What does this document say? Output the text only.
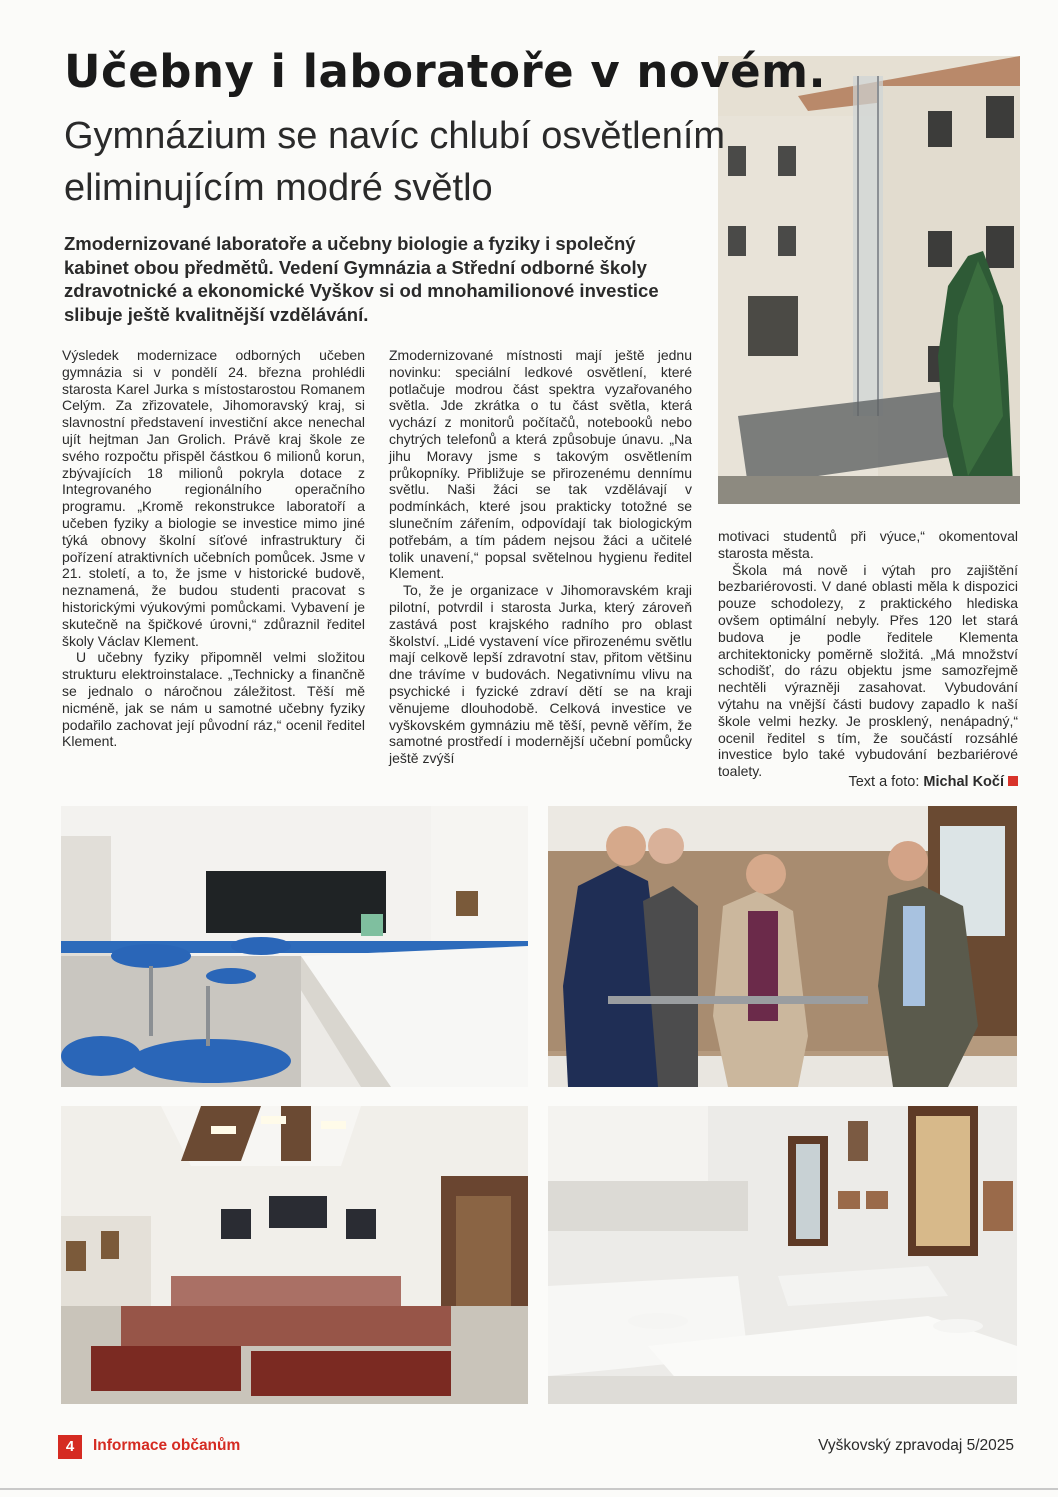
Učebny i laboratoře v novém.
Gymnázium se navíc chlubí osvětlením
eliminujícím modré světlo

Zmodernizované laboratoře a učebny biologie a fyziky i společný
kabinet obou předmětů. Vedení Gymnázia a Střední odborné školy
zdravotnické a ekonomické Vyškov si od mnohamilionové investice
slibuje ještě kvalitnější vzdělávání.

Výsledek modernizace odborných učeben gymnázia si v pondělí 24. března prohlédli starosta Karel Jurka s místostarostou Romanem Celým. Za zřizovatele, Jihomoravský kraj, si slavnostní představení investiční akce nenechal ujít hejtman Jan Grolich. Právě kraj škole ze svého rozpočtu přispěl částkou 6 milionů korun, zbývajících 18 milionů pokryla dotace z Integrovaného regionálního operačního programu. „Kromě rekonstrukce laboratoří a učeben fyziky a biologie se investice mimo jiné týká obnovy školní síťové infrastruktury či pořízení atraktivních učebních pomůcek. Jsme v 21. století, a to, že jsme v historické budově, neznamená, že budou studenti pracovat s historickými výukovými pomůckami. Vybavení je skutečně na špičkové úrovni,“ zdůraznil ředitel školy Václav Klement.

U učebny fyziky připomněl velmi složitou strukturu elektroinstalace. „Technicky a finančně se jednalo o náročnou záležitost. Těší mě nicméně, jak se nám u samotné učebny fyziky podařilo zachovat její původní ráz,“ ocenil ředitel Klement.

Zmodernizované místnosti mají ještě jednu novinku: speciální ledkové osvětlení, které potlačuje modrou část spektra vyzařovaného světla. Jde zkrátka o tu část světla, která vychází z monitorů počítačů, notebooků nebo chytrých telefonů a která způsobuje únavu. „Na jihu Moravy jsme s takovým osvětlením průkopníky. Přibližuje se přirozenému dennímu světlu. Naši žáci se tak vzdělávají v podmínkách, které jsou prakticky totožné se slunečním zářením, odpovídají tak biologickým potřebám, a tím pádem nejsou žáci a učitelé tolik unavení,“ popsal světelnou hygienu ředitel Klement.

To, že je organizace v Jihomoravském kraji pilotní, potvrdil i starosta Jurka, který zároveň zastává post krajského radního pro oblast školství. „Lidé vystavení více přirozenému světlu mají celkově lepší zdravotní stav, přitom většinu dne trávíme v budovách. Negativnímu vlivu na psychické i fyzické zdraví dětí se na kraji věnujeme dlouhodobě. Celková investice ve vyškovském gymnáziu mě těší, pevně věřím, že samotné prostředí i modernější učební pomůcky ještě zvýší

motivaci studentů při výuce,“ okomentoval starosta města.

Škola má nově i výtah pro zajištění bezbariérovosti. V dané oblasti měla k dispozici pouze schodolezy, z praktického hlediska ovšem optimální nebyly. Přes 120 let stará budova je podle ředitele Klementa architektonicky poměrně složitá. „Má množství schodišť, do rázu objektu jsme samozřejmě nechtěli výrazněji zasahovat. Vybudování výtahu na vnější části budovy zapadlo k naší škole velmi hezky. Je prosklený, nenápadný,“ ocenil ředitel s tím, že součástí rozsáhlé investice bylo také vybudování bezbariérové toalety.

Text a foto: Michal Kočí
4	Informace občanům	Vyškovský zpravodaj 5/2025
